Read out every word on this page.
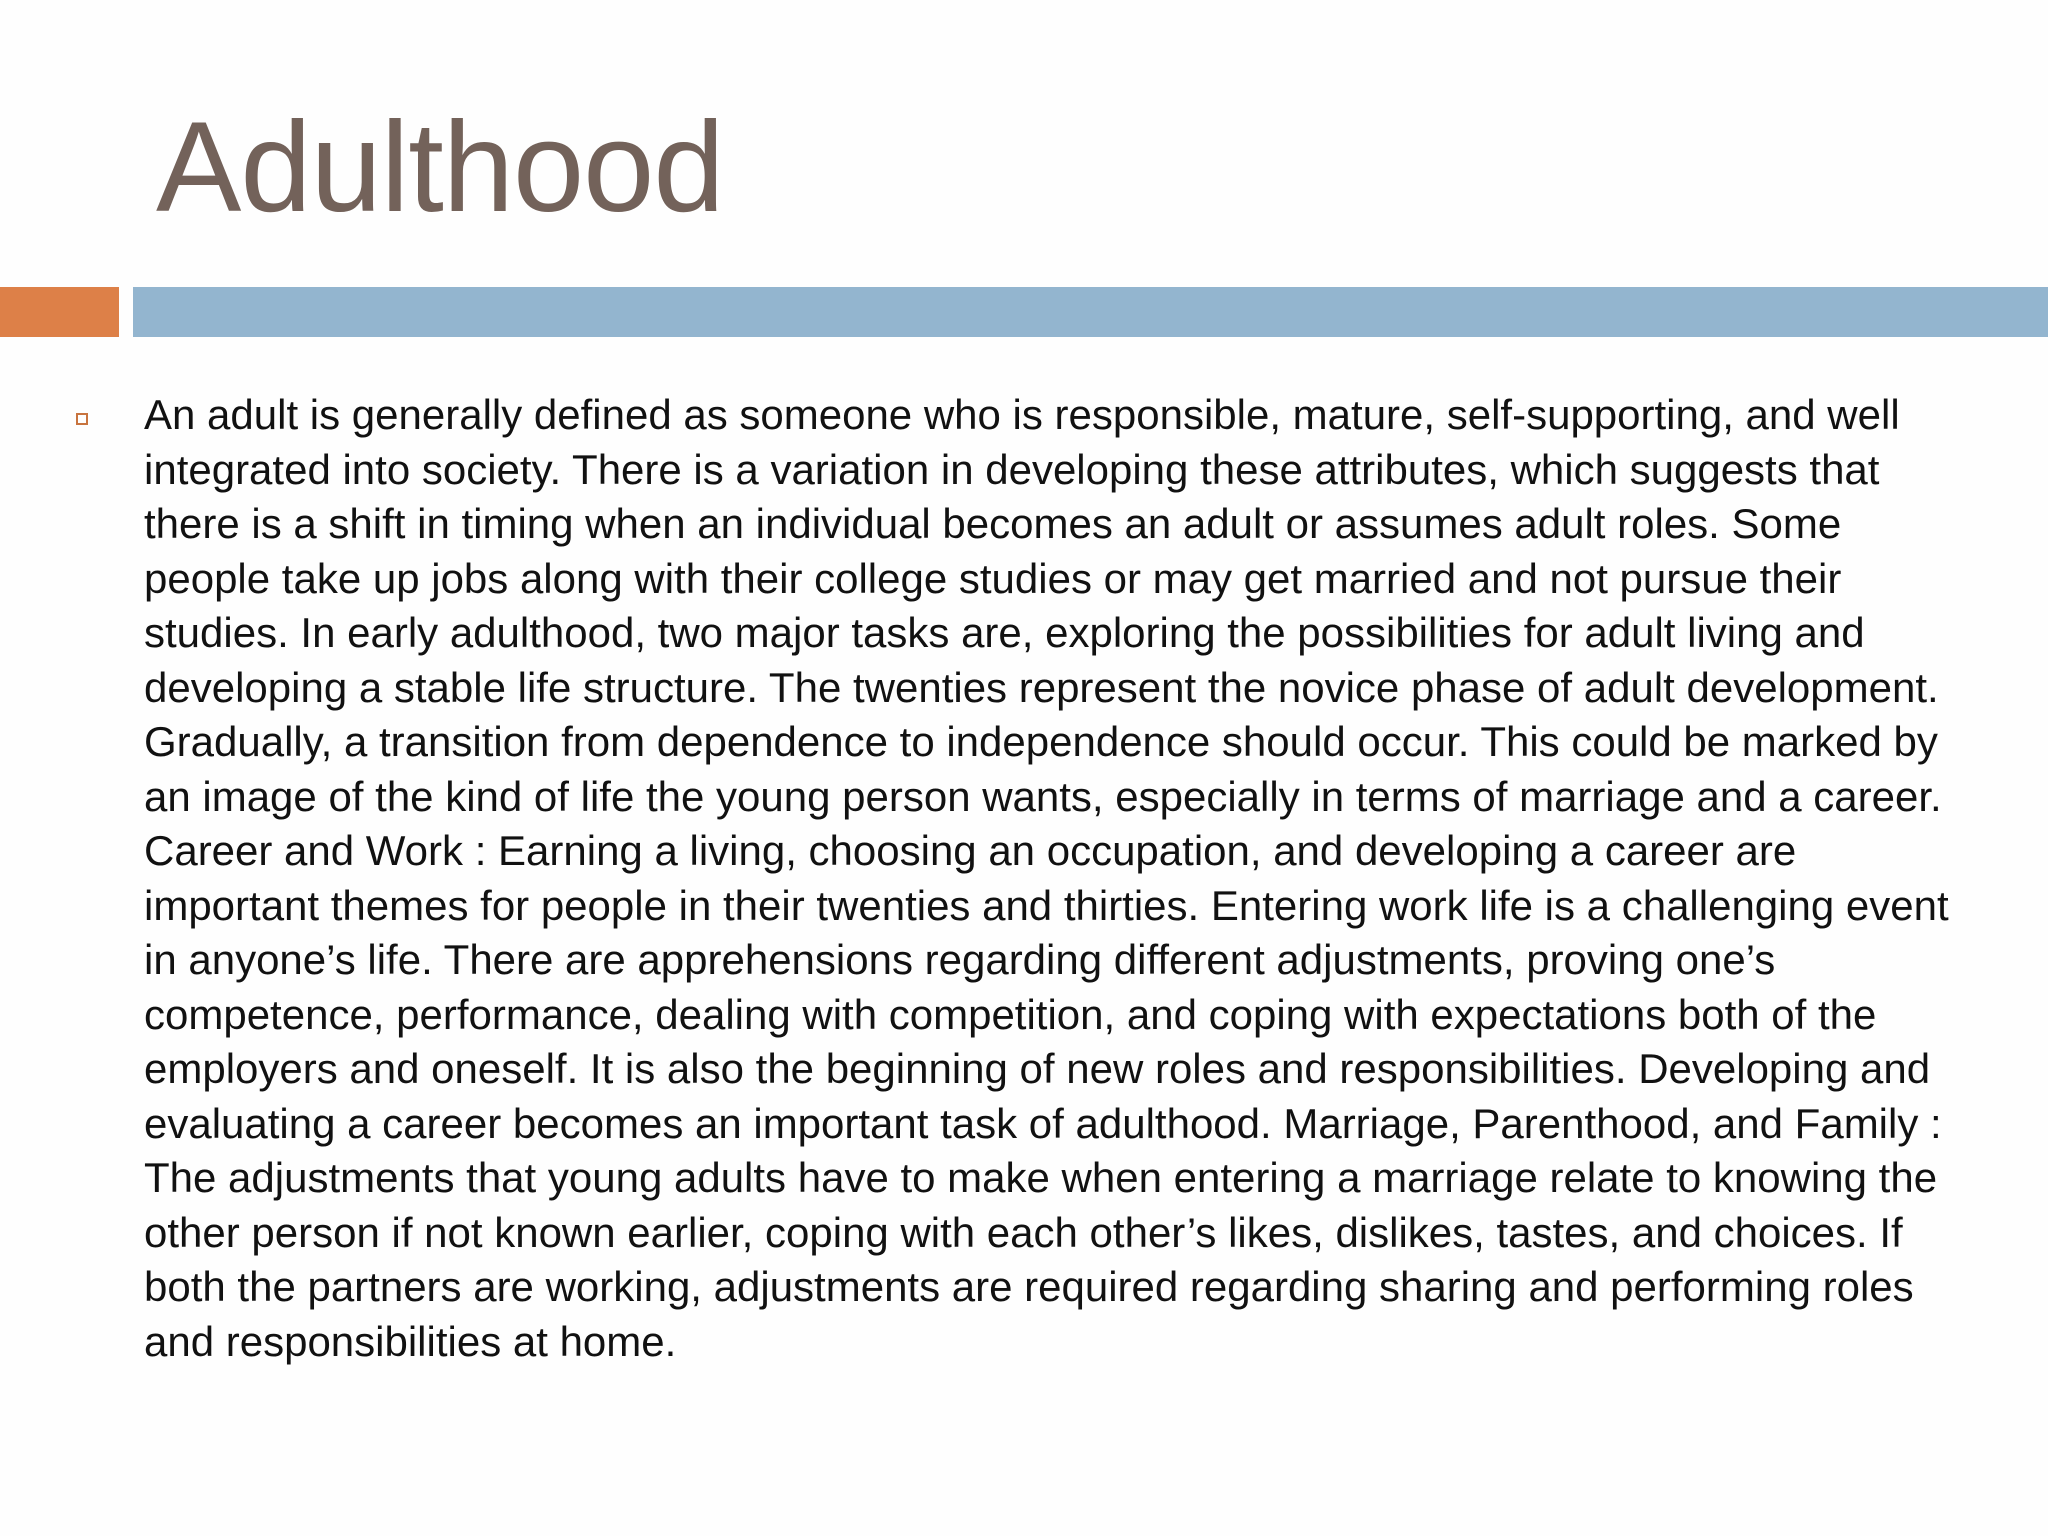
Adulthood

An adult is generally defined as someone who is responsible, mature, self-supporting, and well integrated into society. There is a variation in developing these attributes, which suggests that there is a shift in timing when an individual becomes an adult or assumes adult roles. Some people take up jobs along with their college studies or may get married and not pursue their studies. In early adulthood, two major tasks are, exploring the possibilities for adult living and developing a stable life structure. The twenties represent the novice phase of adult development. Gradually, a transition from dependence to independence should occur. This could be marked by an image of the kind of life the young person wants, especially in terms of marriage and a career. Career and Work : Earning a living, choosing an occupation, and developing a career are important themes for people in their twenties and thirties. Entering work life is a challenging event in anyone’s life. There are apprehensions regarding different adjustments, proving one’s competence, performance, dealing with competition, and coping with expectations both of the employers and oneself. It is also the beginning of new roles and responsibilities. Developing and evaluating a career becomes an important task of adulthood. Marriage, Parenthood, and Family : The adjustments that young adults have to make when entering a marriage relate to knowing the other person if not known earlier, coping with each other’s likes, dislikes, tastes, and choices. If both the partners are working, adjustments are required regarding sharing and performing roles and responsibilities at home.
